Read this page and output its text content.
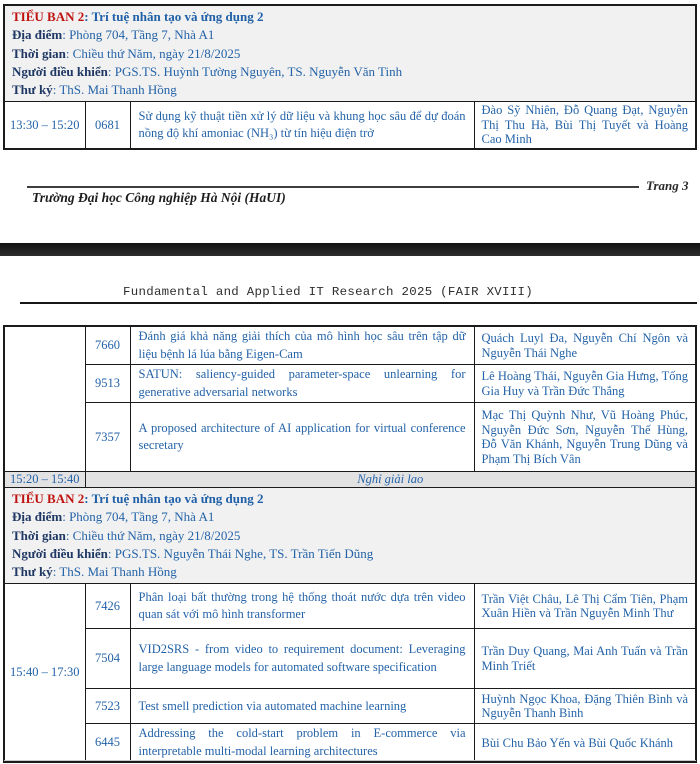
TIỂU BAN 2: Trí tuệ nhân tạo và ứng dụng 2
Địa điểm: Phòng 704, Tầng 7, Nhà A1
Thời gian: Chiều thứ Năm, ngày 21/8/2025
Người điều khiển: PGS.TS. Huỳnh Tường Nguyên, TS. Nguyễn Văn Tinh
Thư ký: ThS. Mai Thanh Hồng

13:30 – 15:20	0681	Sử dụng kỹ thuật tiền xử lý dữ liệu và khung học sâu để dự đoán nồng độ khí amoniac (NH₃) từ tín hiệu điện trở	Đào Sỹ Nhiên, Đỗ Quang Đạt, Nguyễn Thị Thu Hà, Bùi Thị Tuyết và Hoàng Cao Minh
Trang 3
Trường Đại học Công nghiệp Hà Nội (HaUI)
Fundamental and Applied IT Research 2025 (FAIR XVIII)
	7660	Đánh giá khả năng giải thích của mô hình học sâu trên tập dữ liệu bệnh lá lúa bằng Eigen-Cam	Quách Luyl Đa, Nguyễn Chí Ngôn và Nguyễn Thái Nghe
	9513	SATUN: saliency-guided parameter-space unlearning for generative adversarial networks	Lê Hoàng Thái, Nguyễn Gia Hưng, Tống Gia Huy và Trần Đức Thắng
	7357	A proposed architecture of AI application for virtual conference secretary	Mạc Thị Quỳnh Như, Vũ Hoàng Phúc, Nguyễn Đức Sơn, Nguyễn Thế Hùng, Đỗ Văn Khánh, Nguyễn Trung Dũng và Phạm Thị Bích Vân
15:20 – 15:40	Nghỉ giải lao		

TIỂU BAN 2: Trí tuệ nhân tạo và ứng dụng 2
Địa điểm: Phòng 704, Tầng 7, Nhà A1
Thời gian: Chiều thứ Năm, ngày 21/8/2025
Người điều khiển: PGS.TS. Nguyễn Thái Nghe, TS. Trần Tiến Dũng
Thư ký: ThS. Mai Thanh Hồng			

15:40 – 17:30	7426	Phân loại bất thường trong hệ thống thoát nước dựa trên video quan sát với mô hình transformer	Trần Việt Châu, Lê Thị Cẩm Tiên, Phạm Xuân Hiền và Trần Nguyễn Minh Thư
	7504	VID2SRS - from video to requirement document: Leveraging large language models for automated software specification	Trần Duy Quang, Mai Anh Tuấn và Trần Minh Triết
	7523	Test smell prediction via automated machine learning	Huỳnh Ngọc Khoa, Đặng Thiên Bình và Nguyễn Thanh Bình
	6445	Addressing the cold-start problem in E-commerce via interpretable multi-modal learning architectures	Bùi Chu Bảo Yến và Bùi Quốc Khánh
